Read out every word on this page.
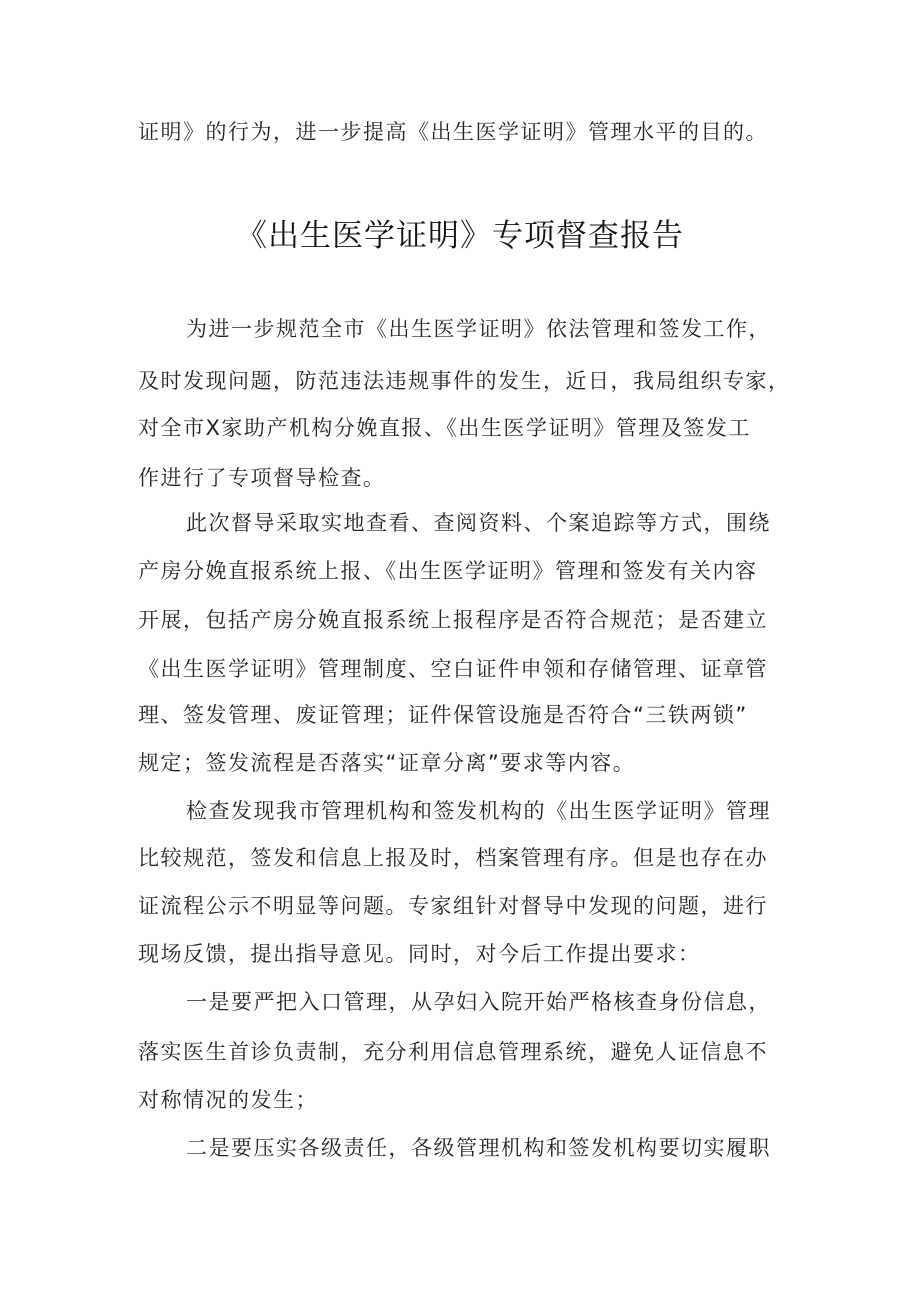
证明》的行为，进一步提高《出生医学证明》管理水平的目的。
《出生医学证明》专项督查报告
为进一步规范全市《出生医学证明》依法管理和签发工作，
及时发现问题，防范违法违规事件的发生，近日，我局组织专家，
对全市X家助产机构分娩直报、《出生医学证明》管理及签发工
作进行了专项督导检查。
此次督导采取实地查看、查阅资料、个案追踪等方式，围绕
产房分娩直报系统上报、《出生医学证明》管理和签发有关内容
开展，包括产房分娩直报系统上报程序是否符合规范；是否建立
《出生医学证明》管理制度、空白证件申领和存储管理、证章管
理、签发管理、废证管理；证件保管设施是否符合“三铁两锁”
规定；签发流程是否落实“证章分离”要求等内容。
检查发现我市管理机构和签发机构的《出生医学证明》管理
比较规范，签发和信息上报及时，档案管理有序。但是也存在办
证流程公示不明显等问题。专家组针对督导中发现的问题，进行
现场反馈，提出指导意见。同时，对今后工作提出要求：
一是要严把入口管理，从孕妇入院开始严格核查身份信息，
落实医生首诊负责制，充分利用信息管理系统，避免人证信息不
对称情况的发生；
二是要压实各级责任，各级管理机构和签发机构要切实履职
